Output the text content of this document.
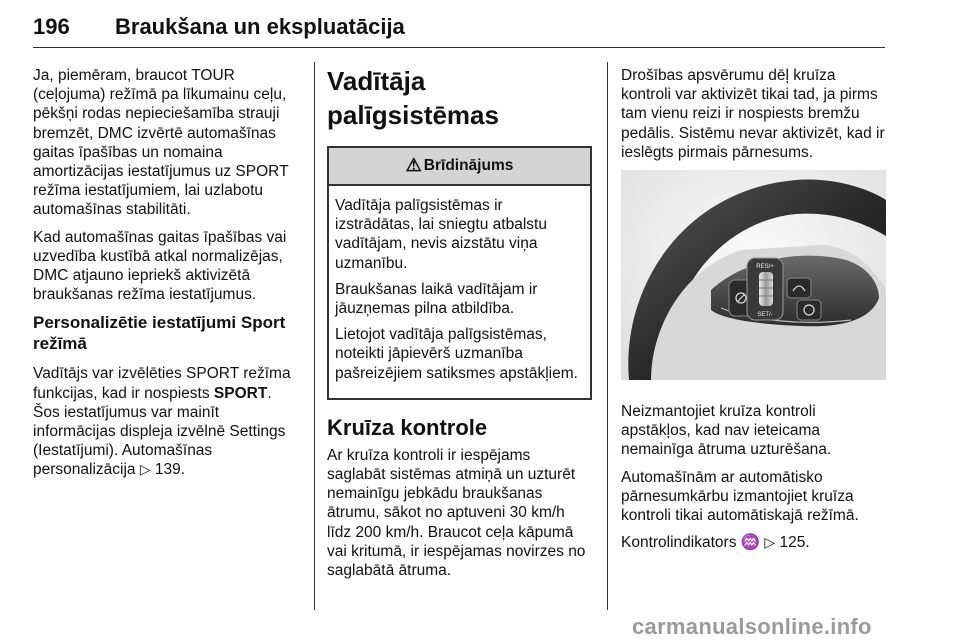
196 Braukšana un ekspluatācija

Ja, piemēram, braucot TOUR (ceļojuma) režīmā pa līkumainu ceļu, pēkšņi rodas nepieciešamība strauji bremzēt, DMC izvērtē automašīnas gaitas īpašības un nomaina amortizācijas iestatījumus uz SPORT režīma iestatījumiem, lai uzlabotu automašīnas stabilitāti.

Kad automašīnas gaitas īpašības vai uzvedība kustībā atkal normalizējas, DMC atjauno iepriekš aktivizētā braukšanas režīma iestatījumus.

Personalizētie iestatījumi Sport režīmā

Vadītājs var izvēlēties SPORT režīma funkcijas, kad ir nospiests SPORT. Šos iestatījumus var mainīt informācijas displeja izvēlnē Settings (Iestatījumi). Automašīnas personalizācija ▷ 139.

Vadītāja palīgsistēmas
⚠ Brīdinājums

Vadītāja palīgsistēmas ir izstrādātas, lai sniegtu atbalstu vadītājam, nevis aizstātu viņa uzmanību.

Braukšanas laikā vadītājam ir jāuzņemas pilna atbildība.

Lietojot vadītāja palīgsistēmas, noteikti jāpievērš uzmanība pašreizējiem satiksmes apstākļiem.

Kruīza kontrole

Ar kruīza kontroli ir iespējams saglabāt sistēmas atmiņā un uzturēt nemainīgu jebkādu braukšanas ātrumu, sākot no aptuveni 30 km/h līdz 200 km/h. Braucot ceļa kāpumā vai kritumā, ir iespējamas novirzes no saglabātā ātruma.

Drošības apsvērumu dēļ kruīza kontroli var aktivizēt tikai tad, ja pirms tam vienu reizi ir nospiests bremžu pedālis. Sistēmu nevar aktivizēt, kad ir ieslēgts pirmais pārnesums.

RES/+
SET/-

Neizmantojiet kruīza kontroli apstākļos, kad nav ieteicama nemainīga ātruma uzturēšana.

Automašīnām ar automātisko pārnesumkārbu izmantojiet kruīza kontroli tikai automātiskajā režīmā.

Kontrolindikators ♒ ▷ 125.

carmanualsonline.info
